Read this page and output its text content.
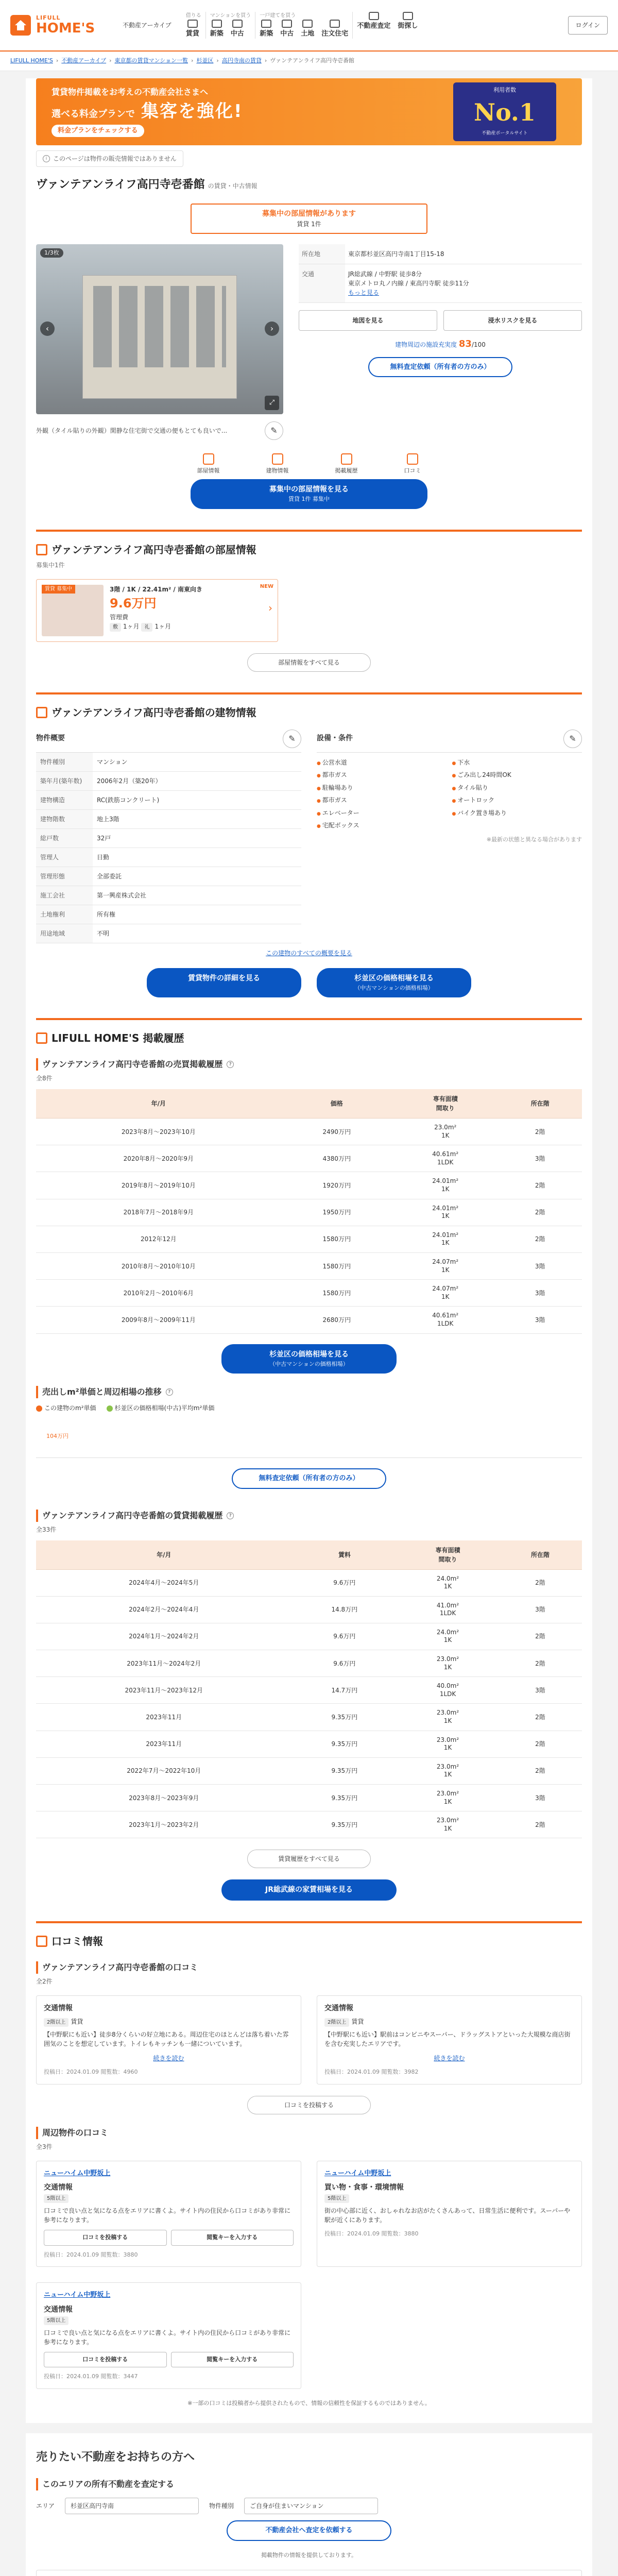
LIFULL
HOME'S	不動産アーカイブ
借りる
賃貸
マンションを買う
新築 中古
一戸建てを買う
新築 中古 土地 注文住宅
不動産査定 街探し	ログイン
LIFULL HOME'S › 不動産アーカイブ › 東京都の賃貸マンション一覧 › 杉並区 › 高円寺南の賃貸 › ヴァンテアンライフ高円寺壱番館
賃貸物件掲載をお考えの不動産会社さまへ
選べる料金プランで 集客を強化!
料金プランをチェックする
利用者数
No.1
不動産ポータルサイト
i このページは物件の販売情報ではありません
ヴァンテアンライフ高円寺壱番館 の賃貸・中古情報
募集中の部屋情報があります
賃貸 1件
1/3枚
‹	›
⤢
外観（タイル貼りの外観）閑静な住宅街で交通の便もとても良いで...	✎
所在地	東京都杉並区高円寺南1丁目15-18
交通	JR総武線 / 中野駅 徒歩8分
東京メトロ丸ノ内線 / 東高円寺駅 徒歩11分
もっと見る
地図を見る	浸水リスクを見る
建物周辺の施設充実度 83/100
無料査定依頼（所有者の方のみ）
部屋情報	建物情報	掲載履歴	口コミ
募集中の部屋情報を見る
賃貸 1件 募集中
ヴァンテアンライフ高円寺壱番館の部屋情報
募集中1件
賃貸 募集中	3階 / 1K / 22.41m² / 南東向き
9.6万円
管理費
敷 1ヶ月 礼 1ヶ月
NEW
›
部屋情報をすべて見る
ヴァンテアンライフ高円寺壱番館の建物情報
物件概要	✎
物件種別	マンション
築年月(築年数)	2006年2月（築20年）
建物構造	RC(鉄筋コンクリート)
建物階数	地上3階
総戸数	32戸
管理人	日勤
管理形態	全部委託
施工会社	第一興産株式会社
土地権利	所有権
用途地域	不明
設備・条件	✎
● 公営水道	● 下水
● 都市ガス	● ごみ出し24時間OK
● 駐輪場あり	● タイル貼り
● 都市ガス	● オートロック
● エレベーター	● バイク置き場あり
● 宅配ボックス
※最新の状態と異なる場合があります
この建物のすべての概要を見る
賃貸物件の詳細を見る	杉並区の価格相場を見る
（中古マンションの価格相場）
LIFULL HOME'S 掲載履歴
ヴァンテアンライフ高円寺壱番館の売買掲載履歴	?
全8件
年/月	価格	専有面積
間取り	所在階
2023年8月〜2023年10月	2490万円	23.0m²
1K	2階
2020年8月〜2020年9月	4380万円	40.61m²
1LDK	3階
2019年8月〜2019年10月	1920万円	24.01m²
1K	2階
2018年7月〜2018年9月	1950万円	24.01m²
1K	2階
2012年12月	1580万円	24.01m²
1K	2階
2010年8月〜2010年10月	1580万円	24.07m²
1K	3階
2010年2月〜2010年6月	1580万円	24.07m²
1K	3階
2009年8月〜2009年11月	2680万円	40.61m²
1LDK	3階
杉並区の価格相場を見る
（中古マンションの価格相場）
売出しm²単価と周辺相場の推移	?
この建物のm²単価	杉並区の価格相場(中古)平均m²単価
104万円
無料査定依頼（所有者の方のみ）
ヴァンテアンライフ高円寺壱番館の賃貸掲載履歴	?
全33件
年/月	賃料	専有面積
間取り	所在階
2024年4月〜2024年5月	9.6万円	24.0m²
1K	2階
2024年2月〜2024年4月	14.8万円	41.0m²
1LDK	3階
2024年1月〜2024年2月	9.6万円	24.0m²
1K	2階
2023年11月〜2024年2月	9.6万円	23.0m²
1K	2階
2023年11月〜2023年12月	14.7万円	40.0m²
1LDK	3階
2023年11月	9.35万円	23.0m²
1K	2階
2023年11月	9.35万円	23.0m²
1K	2階
2022年7月〜2022年10月	9.35万円	23.0m²
1K	2階
2023年8月〜2023年9月	9.35万円	23.0m²
1K	3階
2023年1月〜2023年2月	9.35万円	23.0m²
1K	2階
賃貸履歴をすべて見る
JR総武線の家賃相場を見る
口コミ情報
ヴァンテアンライフ高円寺壱番館の口コミ
全2件
交通情報
2階以上 賃貸
【中野駅にも近い】徒歩8分くらいの好立地にある。周辺住宅のほとんどは落ち着いた雰囲気のことを想定しています。トイレもキッチンも一緒についています。
続きを読む
投稿日：2024.01.09 閲覧数：4960
交通情報
2階以上 賃貸
【中野駅にも近い】駅前はコンビニやスーパー、ドラッグストアといった大規模な商店街を含む充実したエリアです。
続きを読む
投稿日：2024.01.09 閲覧数：3982
口コミを投稿する
周辺物件の口コミ
全3件
ニューハイム中野坂上
交通情報
5階以上
口コミで良い点と気になる点をエリアに書くよ。サイト内の住民から口コミがあり非常に参考になります。
口コミを投稿する	閲覧キーを入力する
投稿日：2024.01.09 閲覧数：3880
ニューハイム中野坂上
買い物・食事・環境情報
5階以上
街の中心部に近く、おしゃれなお店がたくさんあって、日常生活に便利です。スーパーや駅が近くにあります。
投稿日：2024.01.09 閲覧数：3880
ニューハイム中野坂上
交通情報
5階以上
口コミで良い点と気になる点をエリアに書くよ。サイト内の住民から口コミがあり非常に参考になります。
口コミを投稿する	閲覧キーを入力する
投稿日：2024.01.09 閲覧数：3447
※一部の口コミは投稿者から提供されたもので、情報の信頼性を保証するものではありません。
売りたい不動産をお持ちの方へ
このエリアの所有不動産を査定する
エリア	杉並区高円寺南	物件種別	ご自身が住まいマンション
不動産会社へ査定を依頼する
掲載物件の情報を提供しております。
